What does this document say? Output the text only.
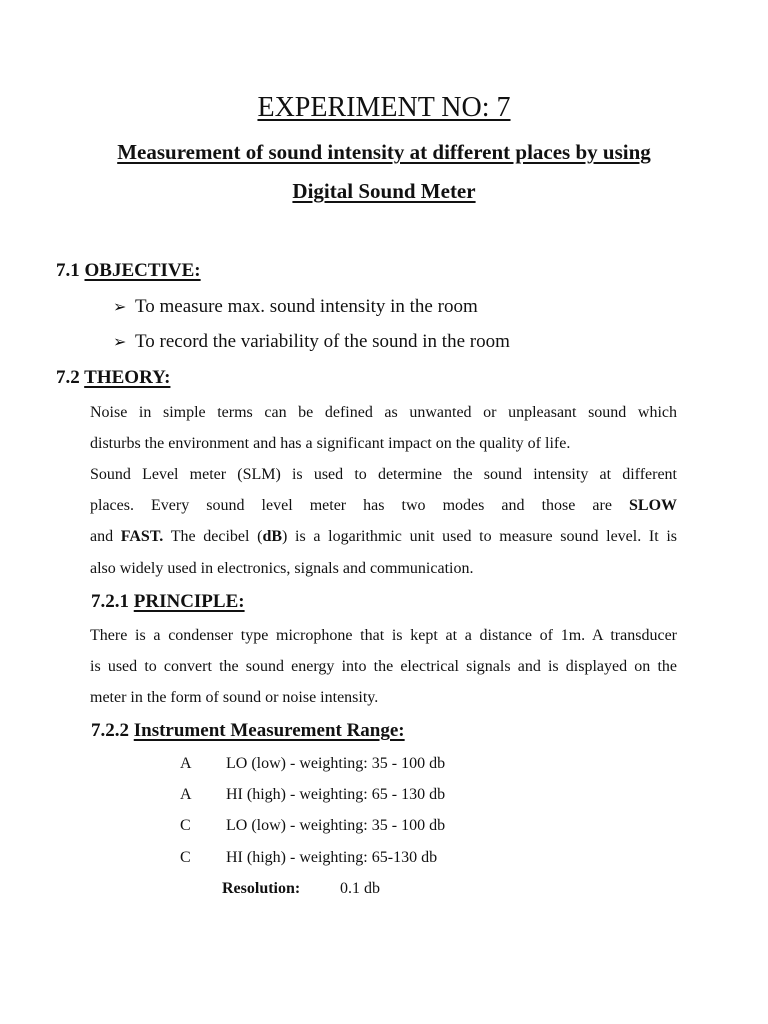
EXPERIMENT NO: 7
Measurement of sound intensity at different places by using
Digital Sound Meter
7.1 OBJECTIVE:
➢ To measure max. sound intensity in the room
➢ To record the variability of the sound in the room
7.2 THEORY:
Noise in simple terms can be defined as unwanted or unpleasant sound which
disturbs the environment and has a significant impact on the quality of life.
Sound Level meter (SLM) is used to determine the sound intensity at different
places. Every sound level meter has two modes and those are SLOW
and FAST. The decibel (dB) is a logarithmic unit used to measure sound level. It is
also widely used in electronics, signals and communication.
7.2.1 PRINCIPLE:
There is a condenser type microphone that is kept at a distance of 1m. A transducer
is used to convert the sound energy into the electrical signals and is displayed on the
meter in the form of sound or noise intensity.
7.2.2 Instrument Measurement Range:
A LO (low) - weighting: 35 - 100 db
A HI (high) - weighting: 65 - 130 db
C LO (low) - weighting: 35 - 100 db
C HI (high) - weighting: 65-130 db
Resolution: 0.1 db
